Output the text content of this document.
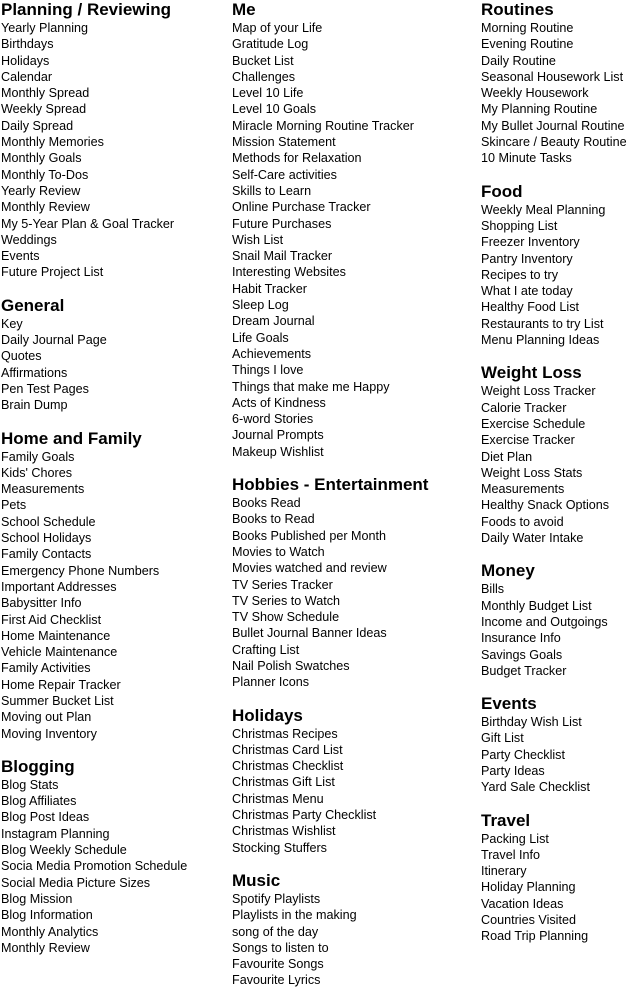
Planning / Reviewing
Yearly Planning
Birthdays
Holidays
Calendar
Monthly Spread
Weekly Spread
Daily Spread
Monthly Memories
Monthly Goals
Monthly To-Dos
Yearly Review
Monthly Review
My 5-Year Plan & Goal Tracker
Weddings
Events
Future Project List
General
Key
Daily Journal Page
Quotes
Affirmations
Pen Test Pages
Brain Dump
Home and Family
Family Goals
Kids' Chores
Measurements
Pets
School Schedule
School Holidays
Family Contacts
Emergency Phone Numbers
Important Addresses
Babysitter Info
First Aid Checklist
Home Maintenance
Vehicle Maintenance
Family Activities
Home Repair Tracker
Summer Bucket List
Moving out Plan
Moving Inventory
Blogging
Blog Stats
Blog Affiliates
Blog Post Ideas
Instagram Planning
Blog Weekly Schedule
Socia Media Promotion Schedule
Social Media Picture Sizes
Blog Mission
Blog Information
Monthly Analytics
Monthly Review
Me
Map of your Life
Gratitude Log
Bucket List
Challenges
Level 10 Life
Level 10 Goals
Miracle Morning Routine Tracker
Mission Statement
Methods for Relaxation
Self-Care activities
Skills to Learn
Online Purchase Tracker
Future Purchases
Wish List
Snail Mail Tracker
Interesting Websites
Habit Tracker
Sleep Log
Dream Journal
Life Goals
Achievements
Things I love
Things that make me Happy
Acts of Kindness
6-word Stories
Journal Prompts
Makeup Wishlist
Hobbies - Entertainment
Books Read
Books to Read
Books Published per Month
Movies to Watch
Movies watched and review
TV Series Tracker
TV Series to Watch
TV Show Schedule
Bullet Journal Banner Ideas
Crafting List
Nail Polish Swatches
Planner Icons
Holidays
Christmas Recipes
Christmas Card List
Christmas Checklist
Christmas Gift List
Christmas Menu
Christmas Party Checklist
Christmas Wishlist
Stocking Stuffers
Music
Spotify Playlists
Playlists in the making
song of the day
Songs to listen to
Favourite Songs
Favourite Lyrics
Routines
Morning Routine
Evening Routine
Daily Routine
Seasonal Housework List
Weekly Housework
My Planning Routine
My Bullet Journal Routine
Skincare / Beauty Routine
10 Minute Tasks
Food
Weekly Meal Planning
Shopping List
Freezer Inventory
Pantry Inventory
Recipes to try
What I ate today
Healthy Food List
Restaurants to try List
Menu Planning Ideas
Weight Loss
Weight Loss Tracker
Calorie Tracker
Exercise Schedule
Exercise Tracker
Diet Plan
Weight Loss Stats
Measurements
Healthy Snack Options
Foods to avoid
Daily Water Intake
Money
Bills
Monthly Budget List
Income and Outgoings
Insurance Info
Savings Goals
Budget Tracker
Events
Birthday Wish List
Gift List
Party Checklist
Party Ideas
Yard Sale Checklist
Travel
Packing List
Travel Info
Itinerary
Holiday Planning
Vacation Ideas
Countries Visited
Road Trip Planning
